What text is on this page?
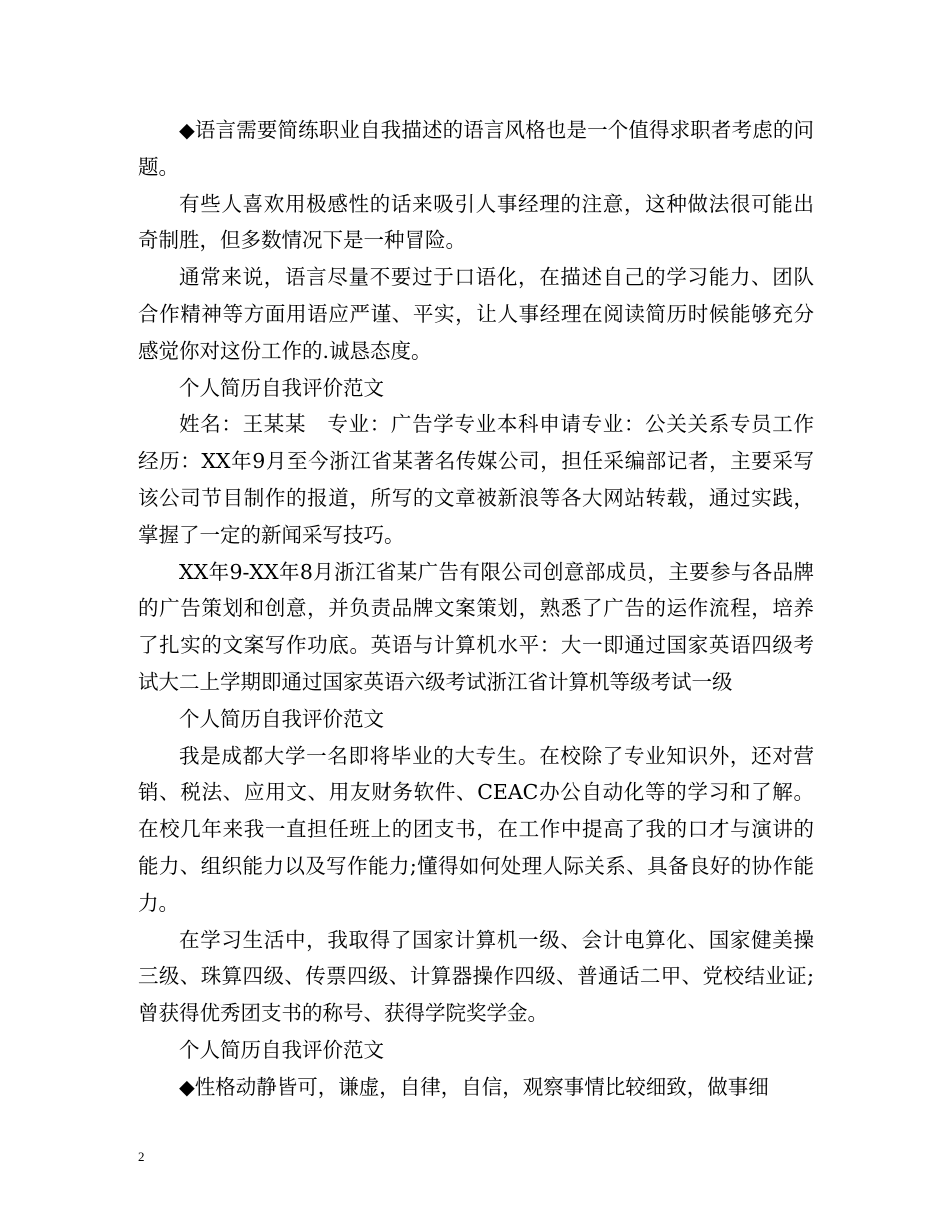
◆语言需要简练职业自我描述的语言风格也是一个值得求职者考虑的问题。

有些人喜欢用极感性的话来吸引人事经理的注意，这种做法很可能出奇制胜，但多数情况下是一种冒险。

通常来说，语言尽量不要过于口语化，在描述自己的学习能力、团队合作精神等方面用语应严谨、平实，让人事经理在阅读简历时候能够充分感觉你对这份工作的.诚恳态度。

个人简历自我评价范文

姓名：王某某　专业：广告学专业本科申请专业：公关关系专员工作经历：XX年9月至今浙江省某著名传媒公司，担任采编部记者，主要采写该公司节目制作的报道，所写的文章被新浪等各大网站转载，通过实践，掌握了一定的新闻采写技巧。

XX年9-XX年8月浙江省某广告有限公司创意部成员，主要参与各品牌的广告策划和创意，并负责品牌文案策划，熟悉了广告的运作流程，培养了扎实的文案写作功底。英语与计算机水平：大一即通过国家英语四级考试大二上学期即通过国家英语六级考试浙江省计算机等级考试一级

个人简历自我评价范文

我是成都大学一名即将毕业的大专生。在校除了专业知识外，还对营销、税法、应用文、用友财务软件、CEAC办公自动化等的学习和了解。在校几年来我一直担任班上的团支书，在工作中提高了我的口才与演讲的能力、组织能力以及写作能力;懂得如何处理人际关系、具备良好的协作能力。

在学习生活中，我取得了国家计算机一级、会计电算化、国家健美操三级、珠算四级、传票四级、计算器操作四级、普通话二甲、党校结业证;曾获得优秀团支书的称号、获得学院奖学金。

个人简历自我评价范文

◆性格动静皆可，谦虚，自律，自信，观察事情比较细致，做事细

2
